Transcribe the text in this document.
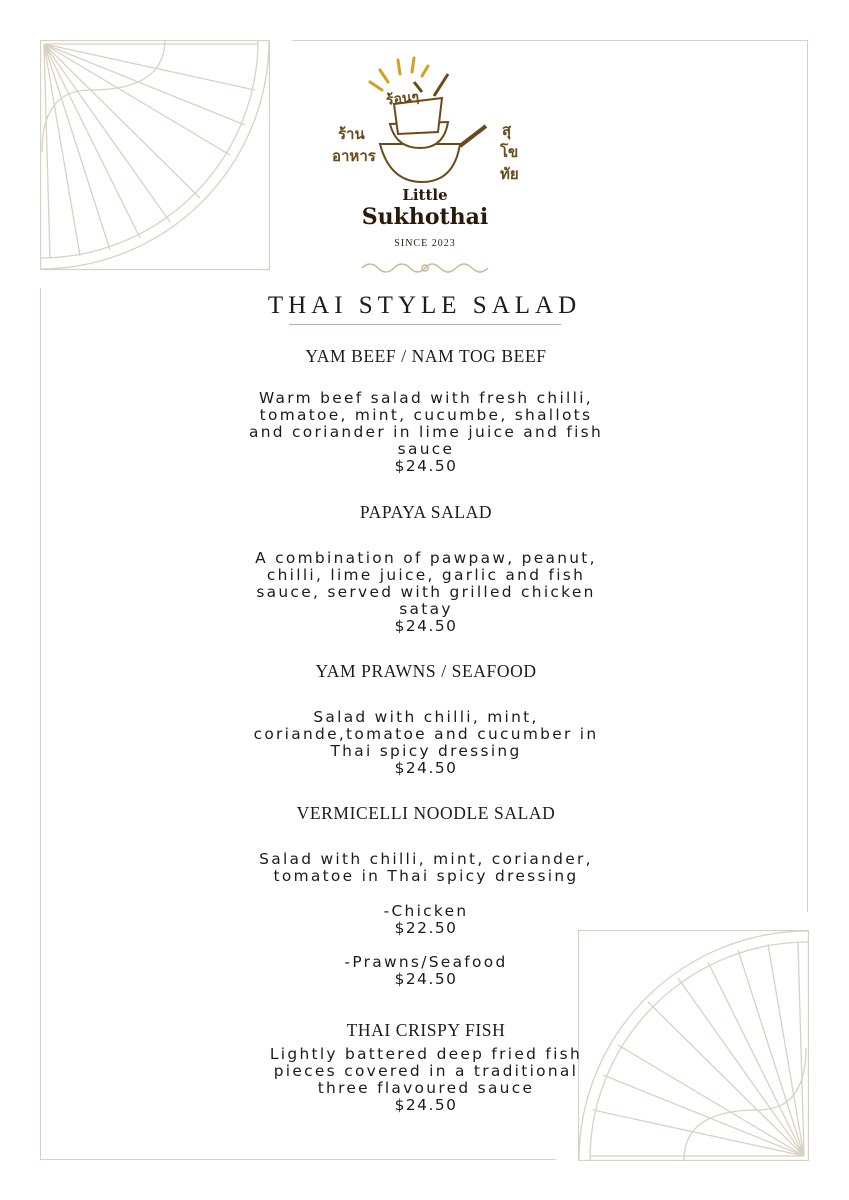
ร้อนๆ
ร้าน
อาหาร
สุ
โข
ทัย
Little
Sukhothai
SINCE 2023
THAI STYLE SALAD
YAM BEEF / NAM TOG BEEF
Warm beef salad with fresh chilli,
tomatoe, mint, cucumbe, shallots
and coriander in lime juice and fish
sauce
$24.50
PAPAYA SALAD
A combination of pawpaw, peanut,
chilli, lime juice, garlic and fish
sauce, served with grilled chicken
satay
$24.50
YAM PRAWNS / SEAFOOD
Salad with chilli, mint,
coriande,tomatoe and cucumber in
Thai spicy dressing
$24.50
VERMICELLI NOODLE SALAD
Salad with chilli, mint, coriander,
tomatoe in Thai spicy dressing
-Chicken
$22.50
-Prawns/Seafood
$24.50
THAI CRISPY FISH
Lightly battered deep fried fish
pieces covered in a traditional
three flavoured sauce
$24.50
